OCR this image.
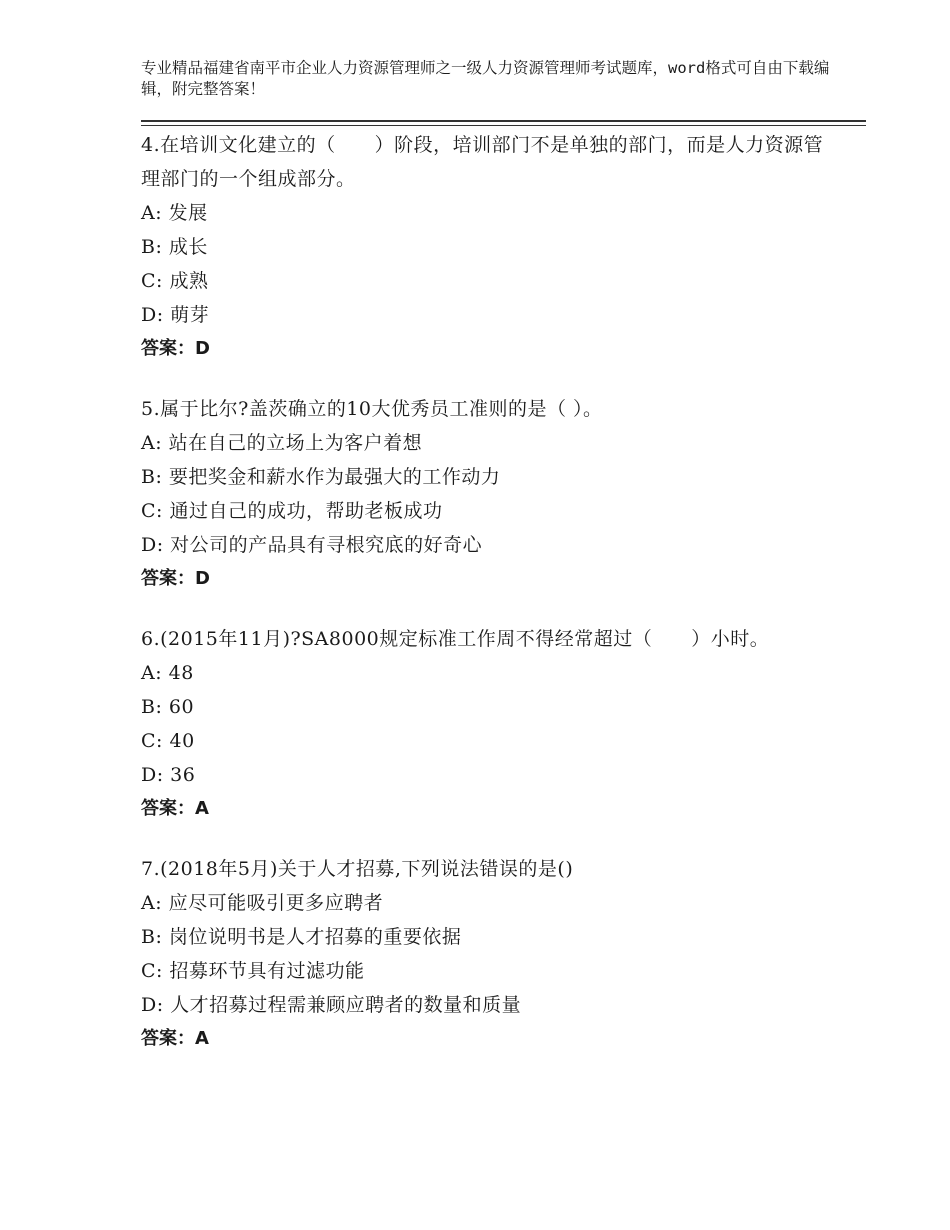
专业精品福建省南平市企业人力资源管理师之一级人力资源管理师考试题库，word格式可自由下载编辑，附完整答案！
4.在培训文化建立的（　　）阶段，培训部门不是单独的部门，而是人力资源管理部门的一个组成部分。
A: 发展
B: 成长
C: 成熟
D: 萌芽
答案：D
5.属于比尔?盖茨确立的10大优秀员工准则的是（ ）。
A: 站在自己的立场上为客户着想
B: 要把奖金和薪水作为最强大的工作动力
C: 通过自己的成功，帮助老板成功
D: 对公司的产品具有寻根究底的好奇心
答案：D
6.(2015年11月)?SA8000规定标准工作周不得经常超过（　　）小时。
A: 48
B: 60
C: 40
D: 36
答案：A
7.(2018年5月)关于人才招募,下列说法错误的是()
A: 应尽可能吸引更多应聘者
B: 岗位说明书是人才招募的重要依据
C: 招募环节具有过滤功能
D: 人才招募过程需兼顾应聘者的数量和质量
答案：A
